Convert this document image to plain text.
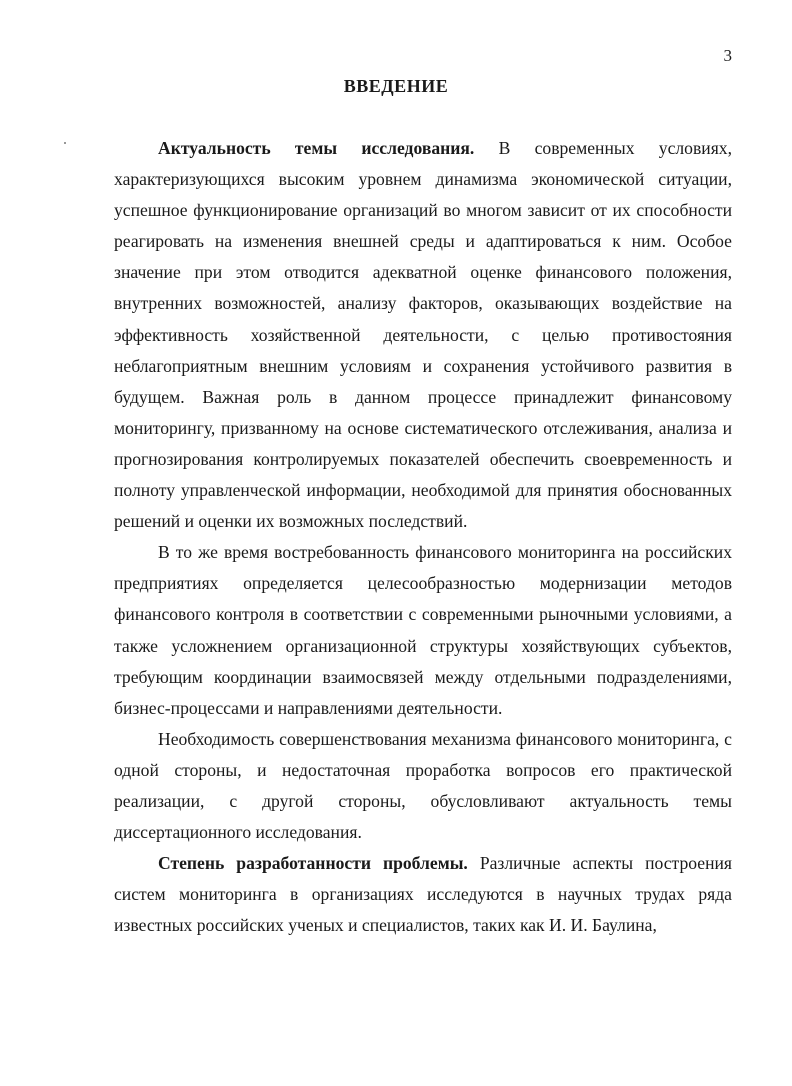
3
ВВЕДЕНИЕ

Актуальность темы исследования. В современных условиях, характеризующихся высоким уровнем динамизма экономической ситуации, успешное функционирование организаций во многом зависит от их способности реагировать на изменения внешней среды и адаптироваться к ним. Особое значение при этом отводится адекватной оценке финансового положения, внутренних возможностей, анализу факторов, оказывающих воздействие на эффективность хозяйственной деятельности, с целью противостояния неблагоприятным внешним условиям и сохранения устойчивого развития в будущем. Важная роль в данном процессе принадлежит финансовому мониторингу, призванному на основе систематического отслеживания, анализа и прогнозирования контролируемых показателей обеспечить своевременность и полноту управленческой информации, необходимой для принятия обоснованных решений и оценки их возможных последствий.

В то же время востребованность финансового мониторинга на российских предприятиях определяется целесообразностью модернизации методов финансового контроля в соответствии с современными рыночными условиями, а также усложнением организационной структуры хозяйствующих субъектов, требующим координации взаимосвязей между отдельными подразделениями, бизнес-процессами и направлениями деятельности.

Необходимость совершенствования механизма финансового мониторинга, с одной стороны, и недостаточная проработка вопросов его практической реализации, с другой стороны, обусловливают актуальность темы диссертационного исследования.

Степень разработанности проблемы. Различные аспекты построения систем мониторинга в организациях исследуются в научных трудах ряда известных российских ученых и специалистов, таких как И. И. Баулина,
